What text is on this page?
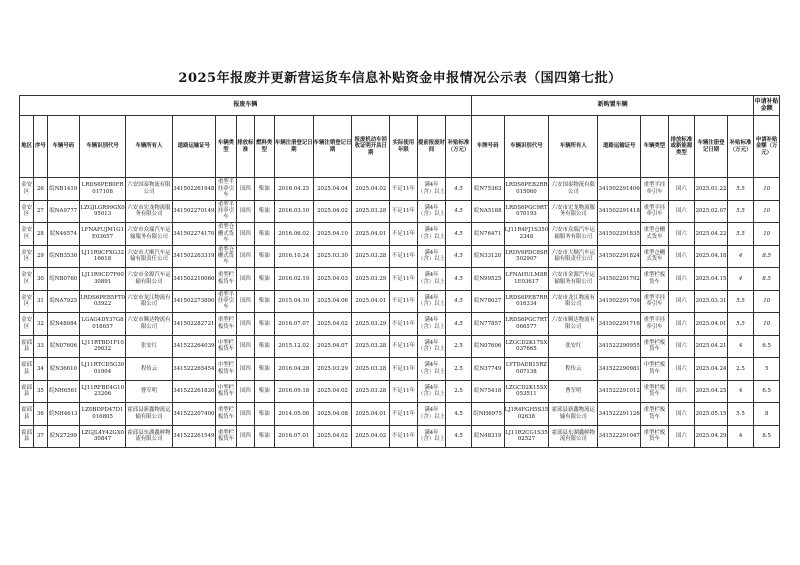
2025年报废并更新营运货车信息补贴资金申报情况公示表（国四第七批）
报废车辆															新购置车辆								申请补贴金额
地区	序号	车辆号码	车辆识别代号	车辆所有人	道路运输证号	车辆类型	排放标准	燃料类型	车辆注册登记日期	车辆注销登记日期	报废机动车回收证明开具日期	实际使用年限	提前报废时间	补贴标准（万元）	车牌号码	车辆识别代号	车辆所有人	道路运输证号	车辆类型	排放标准或新能源类型	车辆注册登记日期	补贴标准（万元）	申请补贴金额（万元）
金安区	26	皖NB1419	LRDS6PEB0FR017108	六安国泰物流有限公司	341502261948	重型半挂牵引车	国四	柴油	2016.04.25	2025.04.04	2025.04.02	不足11年	满4年（含）以上	4.5	皖N75363	LRDS6PEB2RR015060	六安国泰物流有限公司	341502291406	重型半挂牵引车	国六	2025.01.22	5.5	10
金安区	27	皖NA9777	LZGJLGR99GX095013	六安市宏龙物流服务有限公司	341502270149	重型半挂牵引车	国四	柴油	2016.03.10	2025.04.02	2025.03.28	不足11年	满4年（含）以上	4.5	皖NA5188	LRDS6PGC9RT070193	六安市宏龙物流服务有限公司	341502291418	重型半挂牵引车	国六	2025.02.07	5.5	10
金安区	28	皖N46574	LFNAFUJM1G1E03657	六安市众瑞汽车运输服务有限公司	341502274170	重型仓栅式货车	国四	柴油	2016.06.02	2025.04.10	2025.04.01	不足11年	满4年（含）以上	4.5	皖N76471	LJ11R4FJ1S3502348	六安市众瑞汽车运输服务有限公司	341502291835	重型仓栅式货车	国六	2025.04.22	5.5	10
金安区	29	皖NB3530	LJ11R9CFXG3216618	六安市大顺汽车运输有限责任公司	341502263319	重型仓栅式货车	国四	柴油	2016.10.24	2025.03.30	2025.03.28	不足11年	满4年（含）以上	4.5	皖N33120	LRDV6PDC8SR502907	六安市大顺汽车运输有限责任公司	341502291824	重型仓栅式货车	国六	2025.04.18	4	8.5
金安区	30	皖NB0760	LJ11R9CD7F6030891	六安市金源汽车运输有限公司	341502210060	重型栏板货车	国四	柴油	2016.02.19	2025.04.03	2025.03.29	不足11年	满4年（含）以上	4.5	皖N99525	LFNAHULM8R1E03617	六安市金源汽车运输服务有限公司	341502291792	重型栏板货车	国六	2025.04.15	4	8.5
金安区	31	皖NA7925	LRDS6PEB5FT003922	六安市龙江物流有限公司	341502273890	重型半挂牵引车	国四	柴油	2015.04.10	2025.04.06	2025.04.01	不足11年	满4年（含）以上	4.5	皖N78027	LRDS6PEB7RR016334	六安市龙江物流有限公司	341502291706	重型半挂牵引车	国六	2025.03.31	5.5	10
金安区	32	皖N48084	LGAG4DY37G8018657	六安市腾达物流有限公司	341502282721	重型栏板货车	国四	柴油	2016.07.07	2025.04.02	2025.03.29	不足11年	满4年（含）以上	4.5	皖N77857	LRDS6PGC7RT066577	六安市腾达物流有限公司	341502291716	重型半挂牵引车	国六	2025.04.01	5.5	10
霍邱县	33	皖N07606	LJ11RTBD1F1029632	张安红	341522264039	中型栏板货车	国四	柴油	2015.12.02	2025.04.07	2025.03.28	不足11年	满4年（含）以上	2.5	皖N07606	LZGCD2K17SX037665	张安红	341522290955	重型栏板货车	国六	2025.04.21	4	6.5
霍邱县	34	皖N36610	LJ11RTCD5G3001904	程传云	341522265454	中型栏板货车	国四	柴油	2016.04.28	2025.03.29	2025.03.28	不足11年	满4年（含）以上	2.5	皖N37749	LYTDAEB15RZ007138	程传云	341522290981	中型栏板货车	国六	2025.04.24	2.5	5
霍邱县	35	皖NH6561	LJ11RFBE4G1023206	曹军明	341522261820	中型栏板货车	国四	柴油	2016.09.18	2025.04.02	2025.03.28	不足11年	满4年（含）以上	2.5	皖N75418	LZGCD2K15SX053511	曹军明	341522291012	重型栏板货车	国六	2025.04.25	4	6.5
霍邱县	36	皖NH4613	LZ0BDPD47D1016805	霍邱县新鑫物流运输有限公司	341522207400	重型栏板货车	国四	柴油	2014.05.08	2025.04.08	2025.04.01	不足11年	满4年（含）以上	4.5	皖NH6975	LJ1R4FGH5S3502638	霍邱县新鑫物流运输有限公司	341522291126	重型栏板货车	国六	2025.05.15	5.5	8
霍邱县	37	皖N27299	LZGJL4Y42GX030847	霍邱县东湖鑫鲜物流有限公司	341522261549	重型栏板货车	国四	柴油	2016.07.01	2025.04.02	2025.04.02	不足11年	满4年（含）以上	4.5	皖N48319	LJ11R2CG1S3502527	霍邱县东湖鑫鲜物流有限公司	341522291047	重型栏板货车	国六	2025.04.29	4	8.5
